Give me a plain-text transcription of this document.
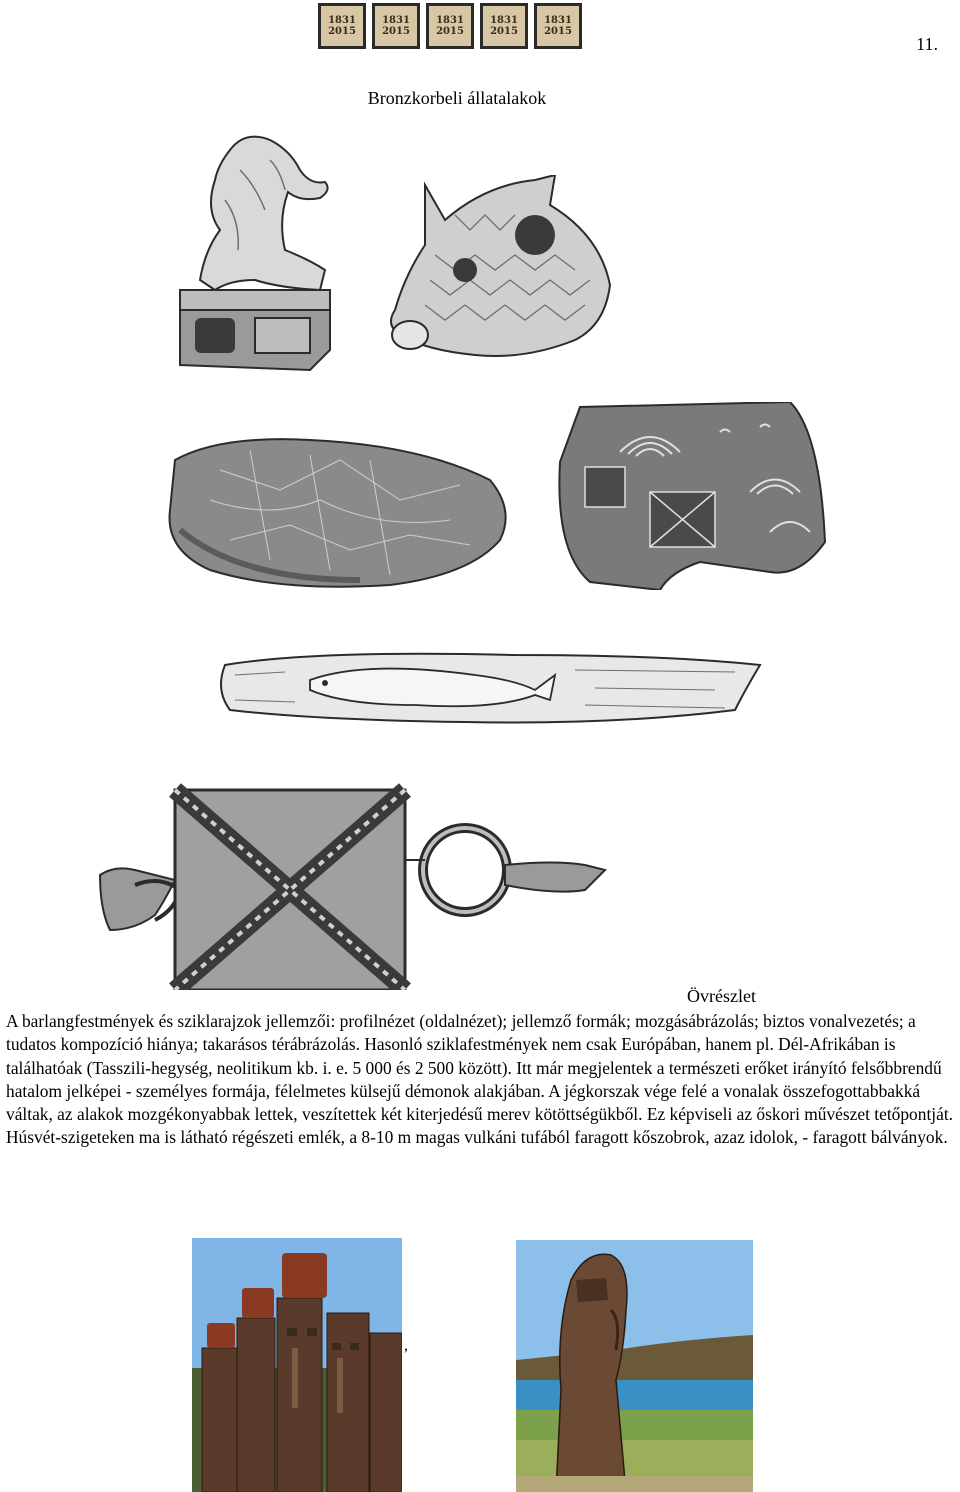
1831
2015
1831
2015
1831
2015
1831
2015
1831
2015
11.
Bronzkorbeli állatalakok
Övrészlet
A barlangfestmények és sziklarajzok jellemzői: profilnézet (oldalnézet); jellemző formák; mozgásábrázolás; biztos vonalvezetés; a tudatos kompozíció hiánya; takarásos térábrázolás. Hasonló sziklafestmények nem csak Európában, hanem pl. Dél-Afrikában is találhatóak (Tasszili-hegység, neolitikum kb. i. e. 5 000 és 2 500 között). Itt már megjelentek a természeti erőket irányító felsőbbrendű hatalom jelképei - személyes formája, félelmetes külsejű démonok alakjában. A jégkorszak vége felé a vonalak összefogottabbakká váltak, az alakok mozgékonyabbak lettek, veszítettek két kiterjedésű merev kötöttségükből. Ez képviseli az őskori művészet tetőpontját. Húsvét-szigeteken ma is látható régészeti emlék, a 8-10 m magas vulkáni tufából faragott kőszobrok, azaz idolok, - faragott bálványok.
,
